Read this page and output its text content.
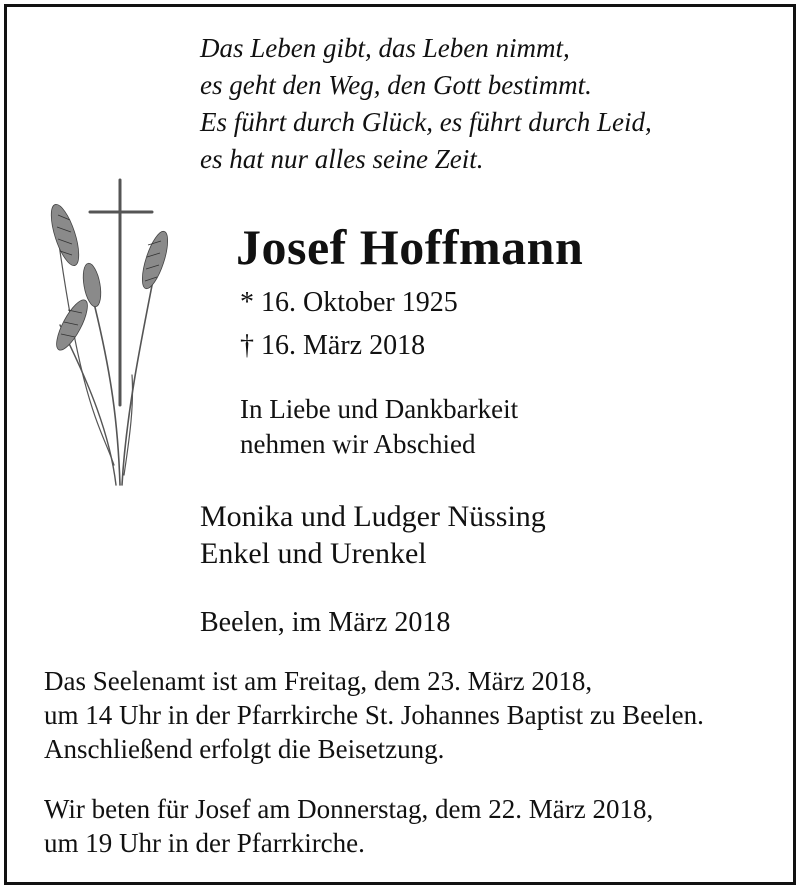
Das Leben gibt, das Leben nimmt,
es geht den Weg, den Gott bestimmt.
Es führt durch Glück, es führt durch Leid,
es hat nur alles seine Zeit.
Josef Hoffmann
* 16. Oktober 1925
† 16. März 2018
In Liebe und Dankbarkeit
nehmen wir Abschied
Monika und Ludger Nüssing
Enkel und Urenkel
Beelen, im März 2018
Das Seelenamt ist am Freitag, dem 23. März 2018,
um 14 Uhr in der Pfarrkirche St. Johannes Baptist zu Beelen.
Anschließend erfolgt die Beisetzung.
Wir beten für Josef am Donnerstag, dem 22. März 2018,
um 19 Uhr in der Pfarrkirche.
